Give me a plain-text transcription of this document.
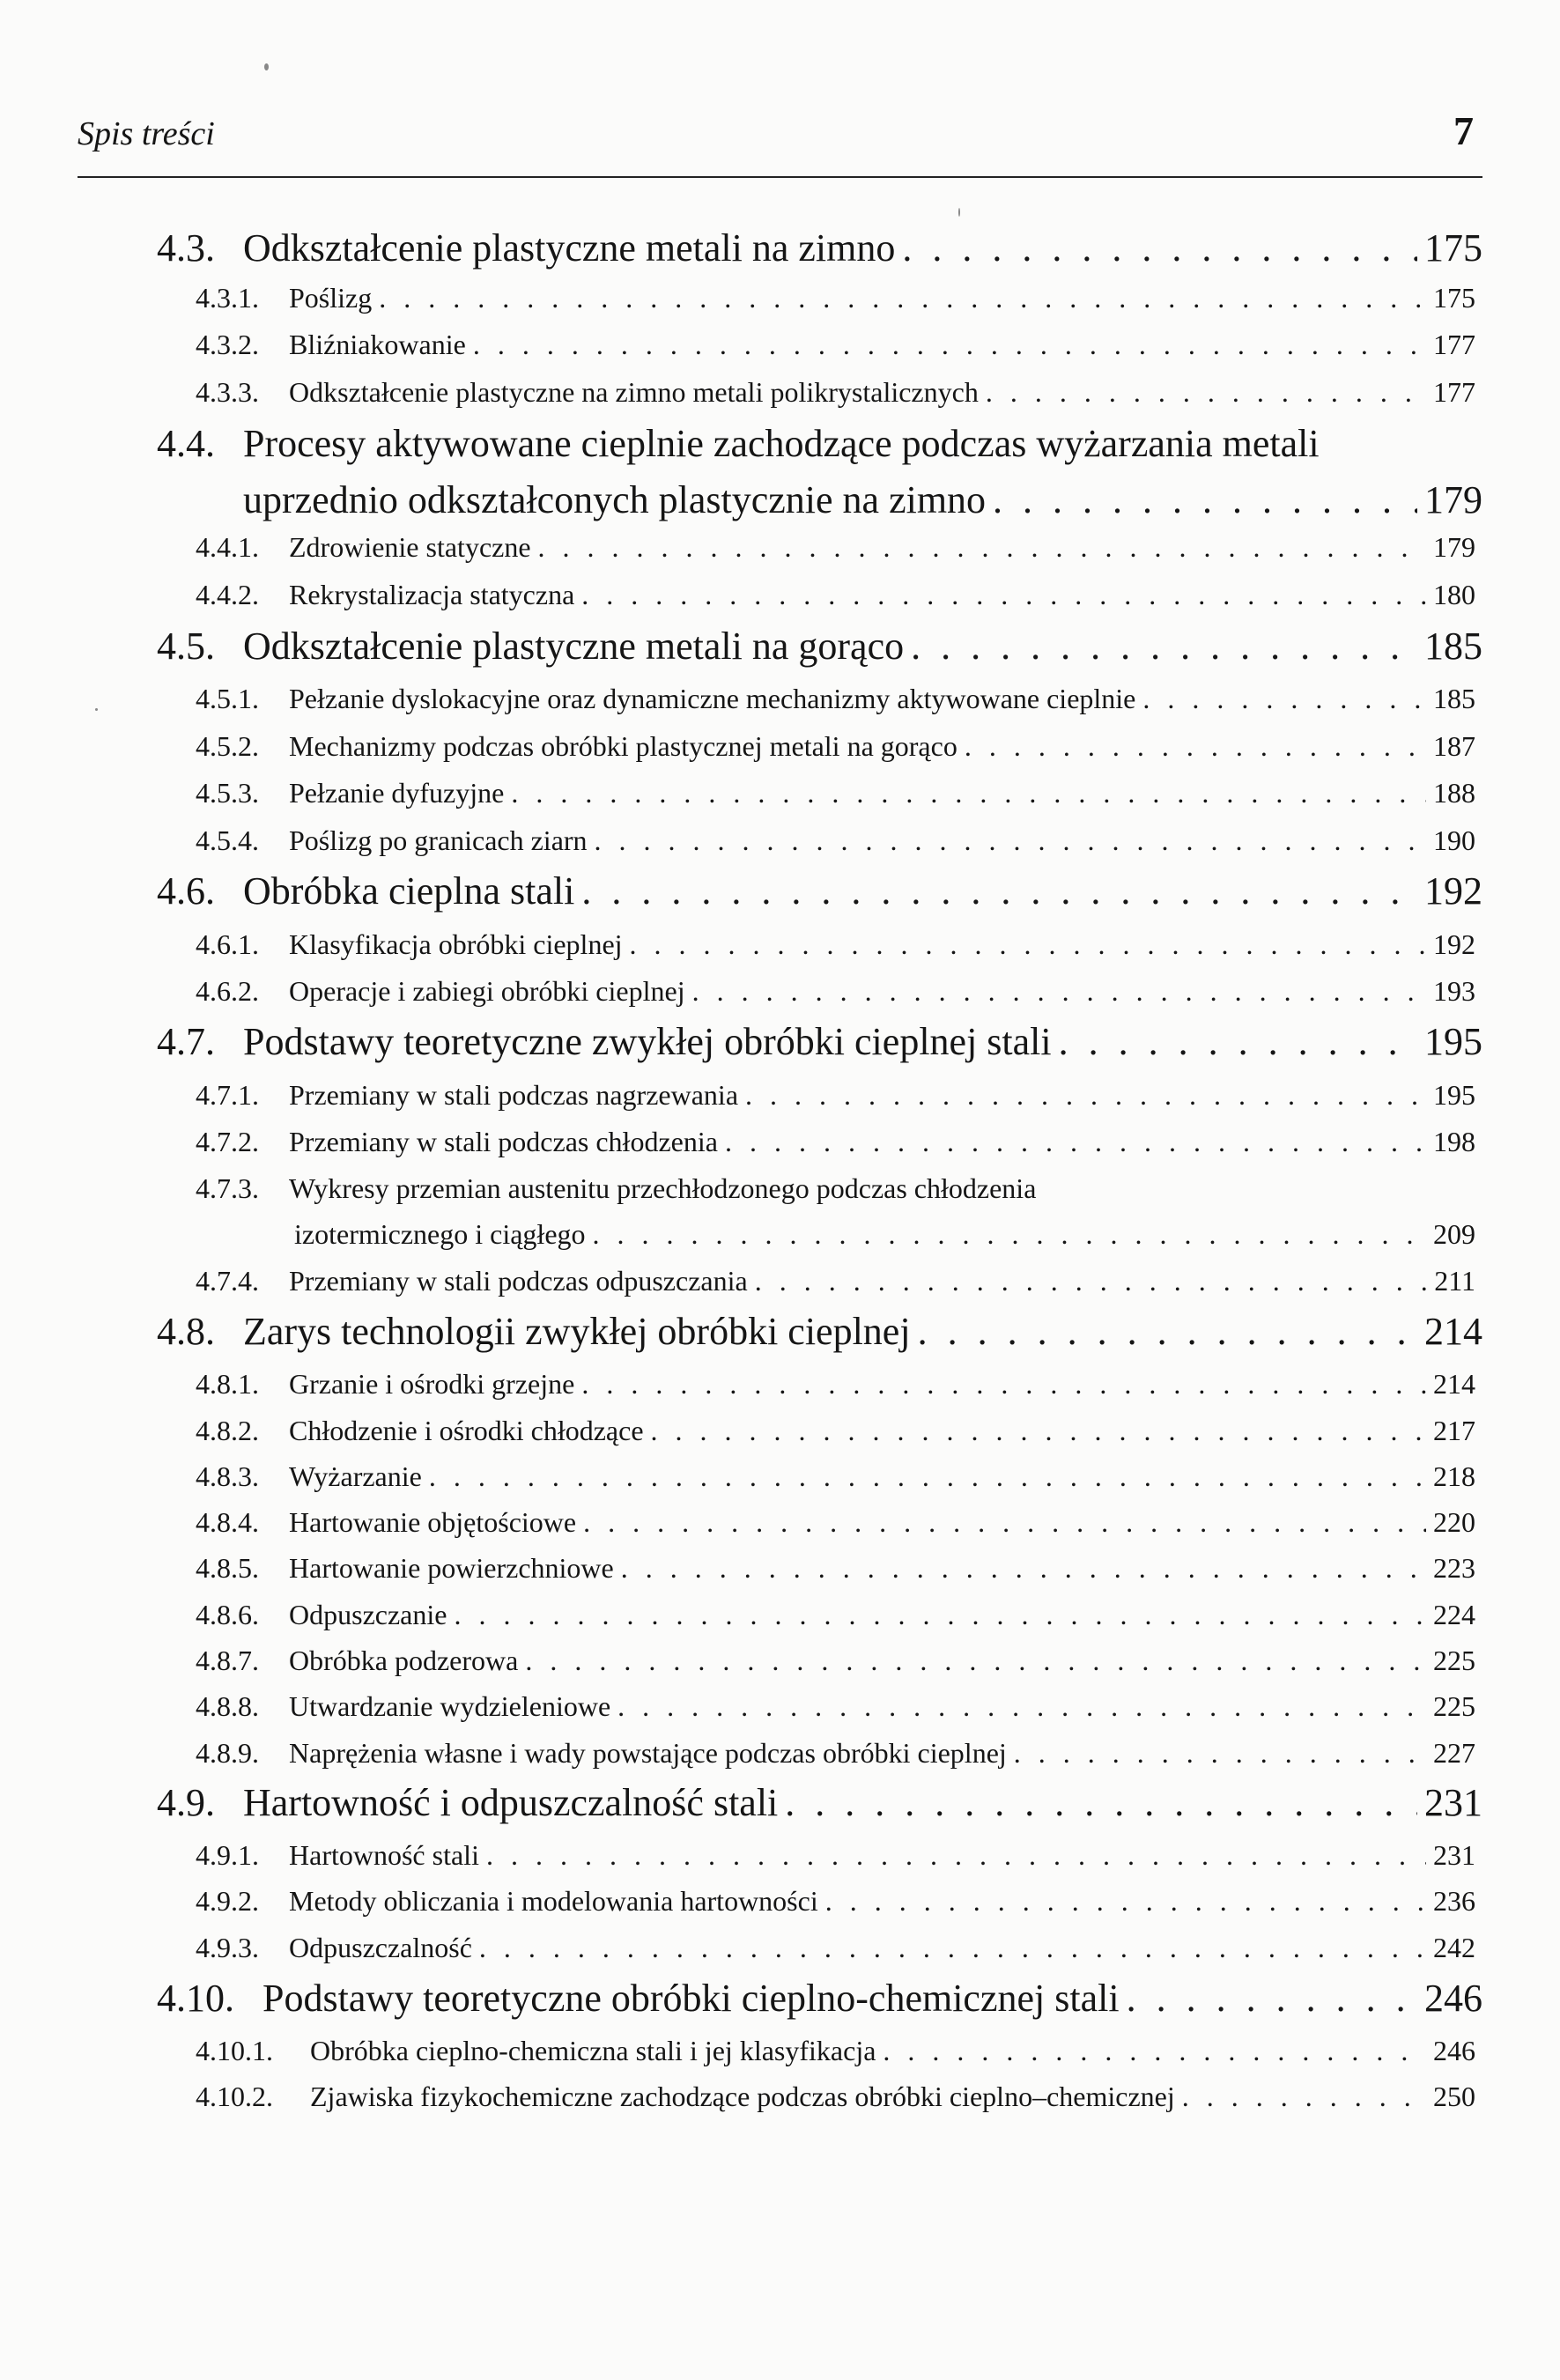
Spis treści	7
4.3. Odkształcenie plastyczne metali na zimno . . .	175
4.3.1.	Poślizg . . .	175
4.3.2.	Bliźniakowanie . . .	177
4.3.3.	Odkształcenie plastyczne na zimno metali polikrystalicznych . . .	177
4.4. Procesy aktywowane cieplnie zachodzące podczas wyżarzania metali
uprzednio odkształconych plastycznie na zimno . . .	179
4.4.1.	Zdrowienie statyczne . . .	179
4.4.2.	Rekrystalizacja statyczna . . .	180
4.5. Odkształcenie plastyczne metali na gorąco . . .	185
4.5.1.	Pełzanie dyslokacyjne oraz dynamiczne mechanizmy aktywowane cieplnie . . .	185
4.5.2.	Mechanizmy podczas obróbki plastycznej metali na gorąco . . .	187
4.5.3.	Pełzanie dyfuzyjne . . .	188
4.5.4.	Poślizg po granicach ziarn . . .	190
4.6. Obróbka cieplna stali . . .	192
4.6.1.	Klasyfikacja obróbki cieplnej . . .	192
4.6.2.	Operacje i zabiegi obróbki cieplnej . . .	193
4.7. Podstawy teoretyczne zwykłej obróbki cieplnej stali . . .	195
4.7.1.	Przemiany w stali podczas nagrzewania . . .	195
4.7.2.	Przemiany w stali podczas chłodzenia . . .	198
4.7.3.	Wykresy przemian austenitu przechłodzonego podczas chłodzenia
izotermicznego i ciągłego . . .	209
4.7.4.	Przemiany w stali podczas odpuszczania . . .	211
4.8. Zarys technologii zwykłej obróbki cieplnej . . .	214
4.8.1.	Grzanie i ośrodki grzejne . . .	214
4.8.2.	Chłodzenie i ośrodki chłodzące . . .	217
4.8.3.	Wyżarzanie . . .	218
4.8.4.	Hartowanie objętościowe . . .	220
4.8.5.	Hartowanie powierzchniowe . . .	223
4.8.6.	Odpuszczanie . . .	224
4.8.7.	Obróbka podzerowa . . .	225
4.8.8.	Utwardzanie wydzieleniowe . . .	225
4.8.9.	Naprężenia własne i wady powstające podczas obróbki cieplnej . . .	227
4.9. Hartowność i odpuszczalność stali . . .	231
4.9.1.	Hartowność stali . . .	231
4.9.2.	Metody obliczania i modelowania hartowności . . .	236
4.9.3.	Odpuszczalność . . .	242
4.10. Podstawy teoretyczne obróbki cieplno-chemicznej stali . . .	246
4.10.1.	Obróbka cieplno-chemiczna stali i jej klasyfikacja . . .	246
4.10.2.	Zjawiska fizykochemiczne zachodzące podczas obróbki cieplno–chemicznej . . .	250
